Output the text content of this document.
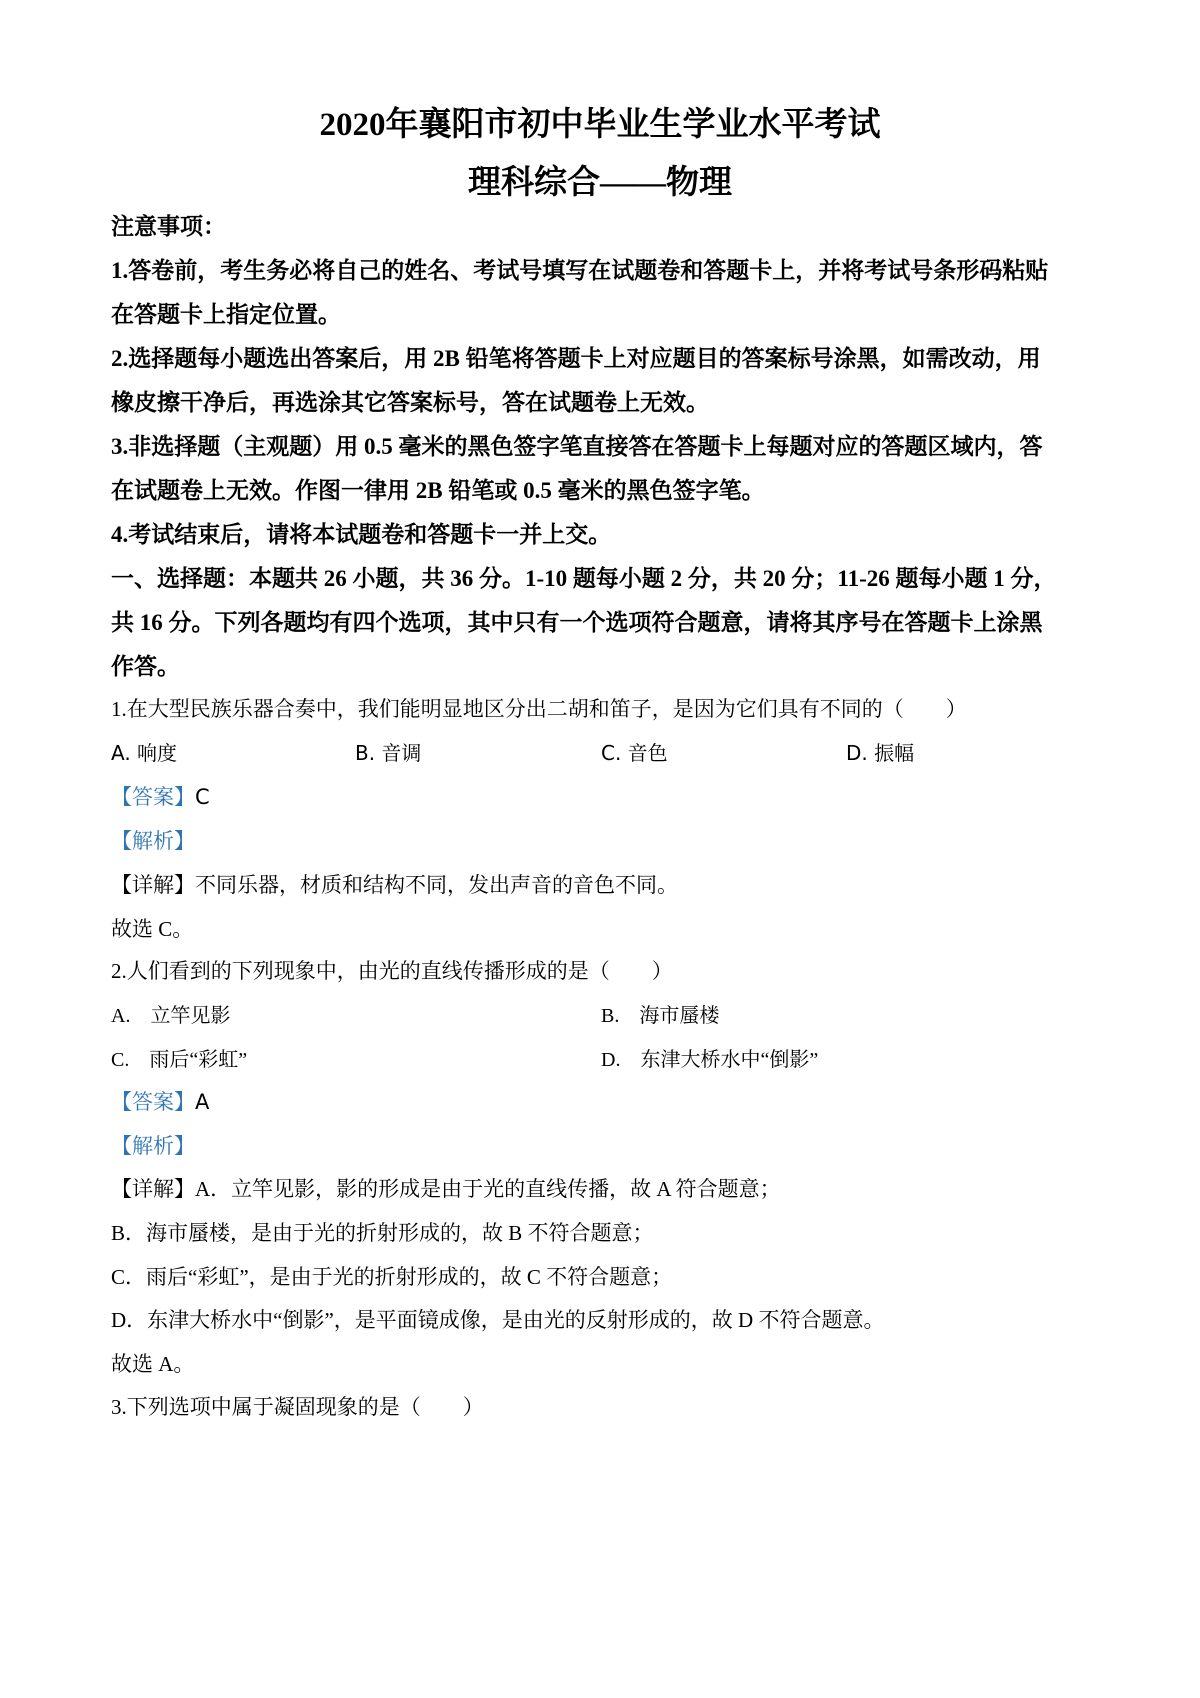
2020年襄阳市初中毕业生学业水平考试
理科综合——物理
注意事项：
1.答卷前，考生务必将自己的姓名、考试号填写在试题卷和答题卡上，并将考试号条形码粘贴
在答题卡上指定位置。
2.选择题每小题选出答案后，用 2B 铅笔将答题卡上对应题目的答案标号涂黑，如需改动，用
橡皮擦干净后，再选涂其它答案标号，答在试题卷上无效。
3.非选择题（主观题）用 0.5 毫米的黑色签字笔直接答在答题卡上每题对应的答题区域内，答
在试题卷上无效。作图一律用 2B 铅笔或 0.5 毫米的黑色签字笔。
4.考试结束后，请将本试题卷和答题卡一并上交。
一、选择题：本题共 26 小题，共 36 分。1-10 题每小题 2 分，共 20 分；11-26 题每小题 1 分，
共 16 分。下列各题均有四个选项，其中只有一个选项符合题意，请将其序号在答题卡上涂黑
作答。
1.在大型民族乐器合奏中，我们能明显地区分出二胡和笛子，是因为它们具有不同的（　　）
A. 响度	B. 音调	C. 音色	D. 振幅
【答案】C
【解析】
【详解】不同乐器，材质和结构不同，发出声音的音色不同。
故选 C。
2.人们看到的下列现象中，由光的直线传播形成的是（　　）
A.　立竿见影	B.　海市蜃楼
C.　雨后“彩虹”	D.　东津大桥水中“倒影”
【答案】A
【解析】
【详解】A．立竿见影，影的形成是由于光的直线传播，故 A 符合题意；
B．海市蜃楼，是由于光的折射形成的，故 B 不符合题意；
C．雨后“彩虹”，是由于光的折射形成的，故 C 不符合题意；
D．东津大桥水中“倒影”，是平面镜成像，是由光的反射形成的，故 D 不符合题意。
故选 A。
3.下列选项中属于凝固现象的是（　　）
